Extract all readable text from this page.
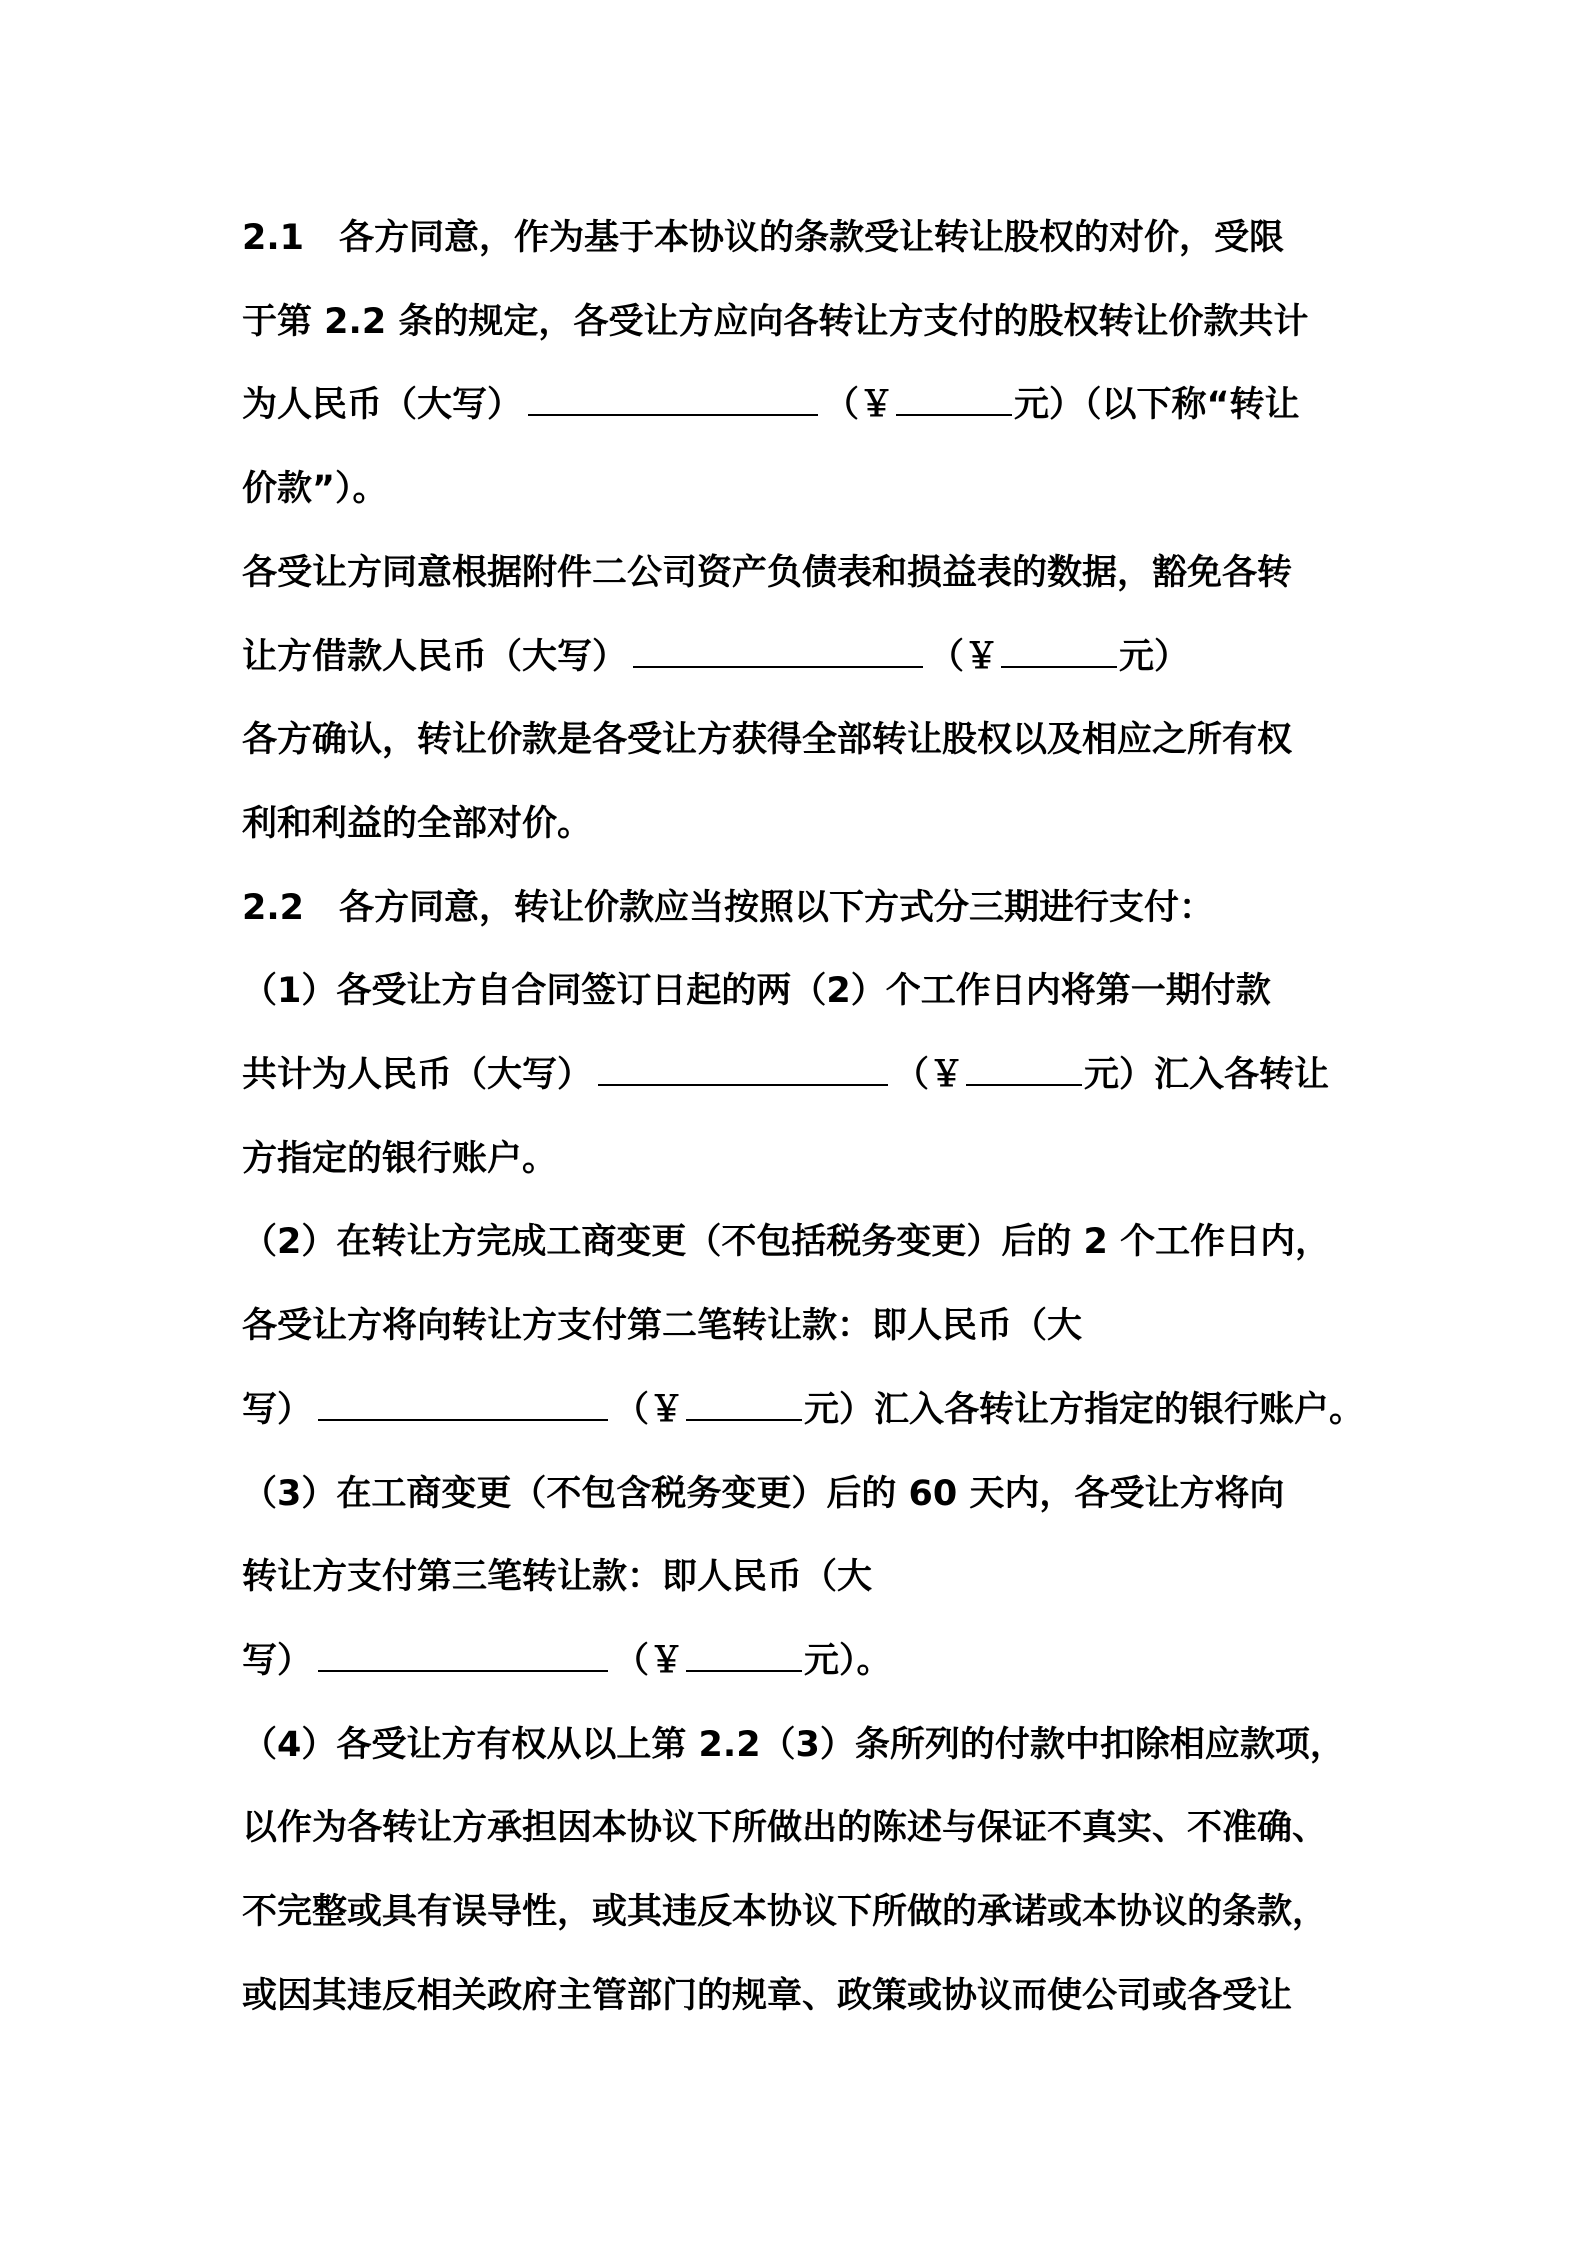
2.1　各方同意，作为基于本协议的条款受让转让股权的对价，受限
于第 2.2 条的规定，各受让方应向各转让方支付的股权转让价款共计
为人民币（大写）	（￥	元）（以下称“转让
价款”）。
各受让方同意根据附件二公司资产负债表和损益表的数据，豁免各转
让方借款人民币（大写）	（￥	元）
各方确认，转让价款是各受让方获得全部转让股权以及相应之所有权
利和利益的全部对价。
2.2　各方同意，转让价款应当按照以下方式分三期进行支付：
（1）各受让方自合同签订日起的两（2）个工作日内将第一期付款
共计为人民币（大写）	（￥	元）汇入各转让
方指定的银行账户。
（2）在转让方完成工商变更（不包括税务变更）后的 2 个工作日内，
各受让方将向转让方支付第二笔转让款：即人民币（大
写）	（￥	元）汇入各转让方指定的银行账户。
（3）在工商变更（不包含税务变更）后的 60 天内，各受让方将向
转让方支付第三笔转让款：即人民币（大
写）	（￥	元）。
（4）各受让方有权从以上第 2.2（3）条所列的付款中扣除相应款项，
以作为各转让方承担因本协议下所做出的陈述与保证不真实、不准确、
不完整或具有误导性，或其违反本协议下所做的承诺或本协议的条款，
或因其违反相关政府主管部门的规章、政策或协议而使公司或各受让
